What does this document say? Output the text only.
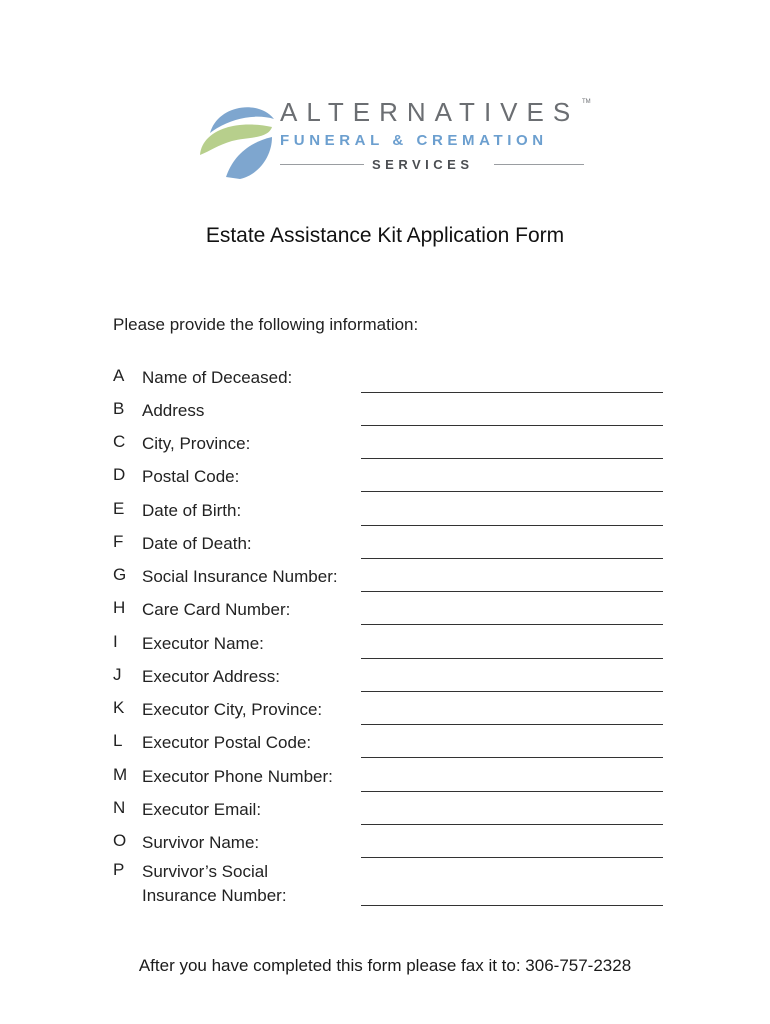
ALTERNATIVES TM
FUNERAL & CREMATION
SERVICES
Estate Assistance Kit Application Form
Please provide the following information:
A Name of Deceased:
B Address
C City, Province:
D Postal Code:
E Date of Birth:
F Date of Death:
G Social Insurance Number:
H Care Card Number:
I Executor Name:
J Executor Address:
K Executor City, Province:
L Executor Postal Code:
M Executor Phone Number:
N Executor Email:
O Survivor Name:
P Survivor’s Social Insurance Number:
After you have completed this form please fax it to: 306-757-2328
